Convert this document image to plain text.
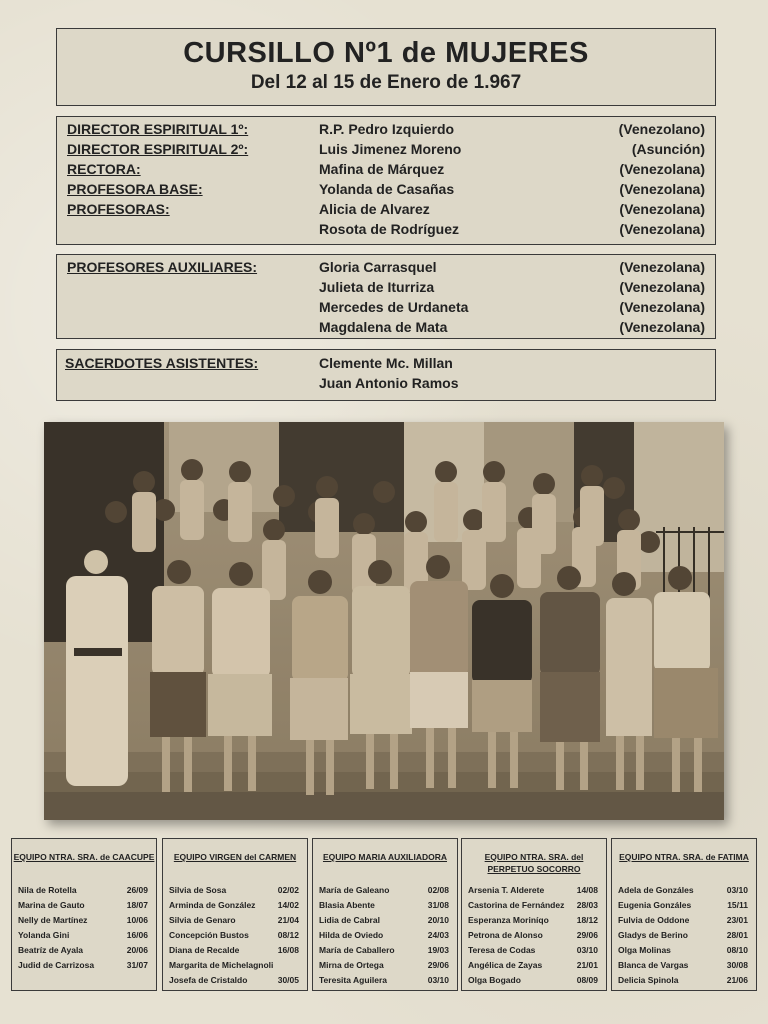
CURSILLO Nº1 de MUJERES
Del 12 al 15 de Enero de 1.967
DIRECTOR ESPIRITUAL 1º:	R.P. Pedro Izquierdo	(Venezolano)
DIRECTOR ESPIRITUAL 2º:	Luis Jimenez Moreno	(Asunción)
RECTORA:	Mafina de Márquez	(Venezolana)
PROFESORA BASE:	Yolanda de Casañas	(Venezolana)
PROFESORAS:	Alicia de Alvarez	(Venezolana)
Rosota de Rodríguez	(Venezolana)
PROFESORES AUXILIARES:	Gloria Carrasquel	(Venezolana)
Julieta de Iturriza	(Venezolana)
Mercedes de Urdaneta	(Venezolana)
Magdalena de Mata	(Venezolana)
SACERDOTES ASISTENTES:	Clemente Mc. Millan
Juan Antonio Ramos
EQUIPO NTRA. SRA. de CAACUPE
Nila de Rotella	26/09
Marina de Gauto	18/07
Nelly de Martínez	10/06
Yolanda Gini	16/06
Beatríz de Ayala	20/06
Judid de Carrizosa	31/07
EQUIPO VIRGEN del CARMEN
Silvia de Sosa	02/02
Arminda de González	14/02
Silvia de Genaro	21/04
Concepción Bustos	08/12
Diana de Recalde	16/08
Margarita de Michelagnoli
Josefa de Cristaldo	30/05
EQUIPO MARIA AUXILIADORA
María de Galeano	02/08
Blasia Abente	31/08
Lidia de Cabral	20/10
Hilda de Oviedo	24/03
María de Caballero	19/03
Mirna de Ortega	29/06
Teresita Aguilera	03/10
EQUIPO NTRA. SRA. del PERPETUO SOCORRO
Arsenia T. Alderete	14/08
Castorina de Fernández 28/03
Esperanza Moriníqo	18/12
Petrona de Alonso	29/06
Teresa de Codas	03/10
Angélica de Zayas	21/01
Olga Bogado	08/09
EQUIPO NTRA. SRA. de FATIMA
Adela de Gonzáles	03/10
Eugenia Gonzáles	15/11
Fulvia de Oddone	23/01
Gladys de Berino	28/01
Olga Molinas	08/10
Blanca de Vargas	30/08
Delicia Spinola	21/06
